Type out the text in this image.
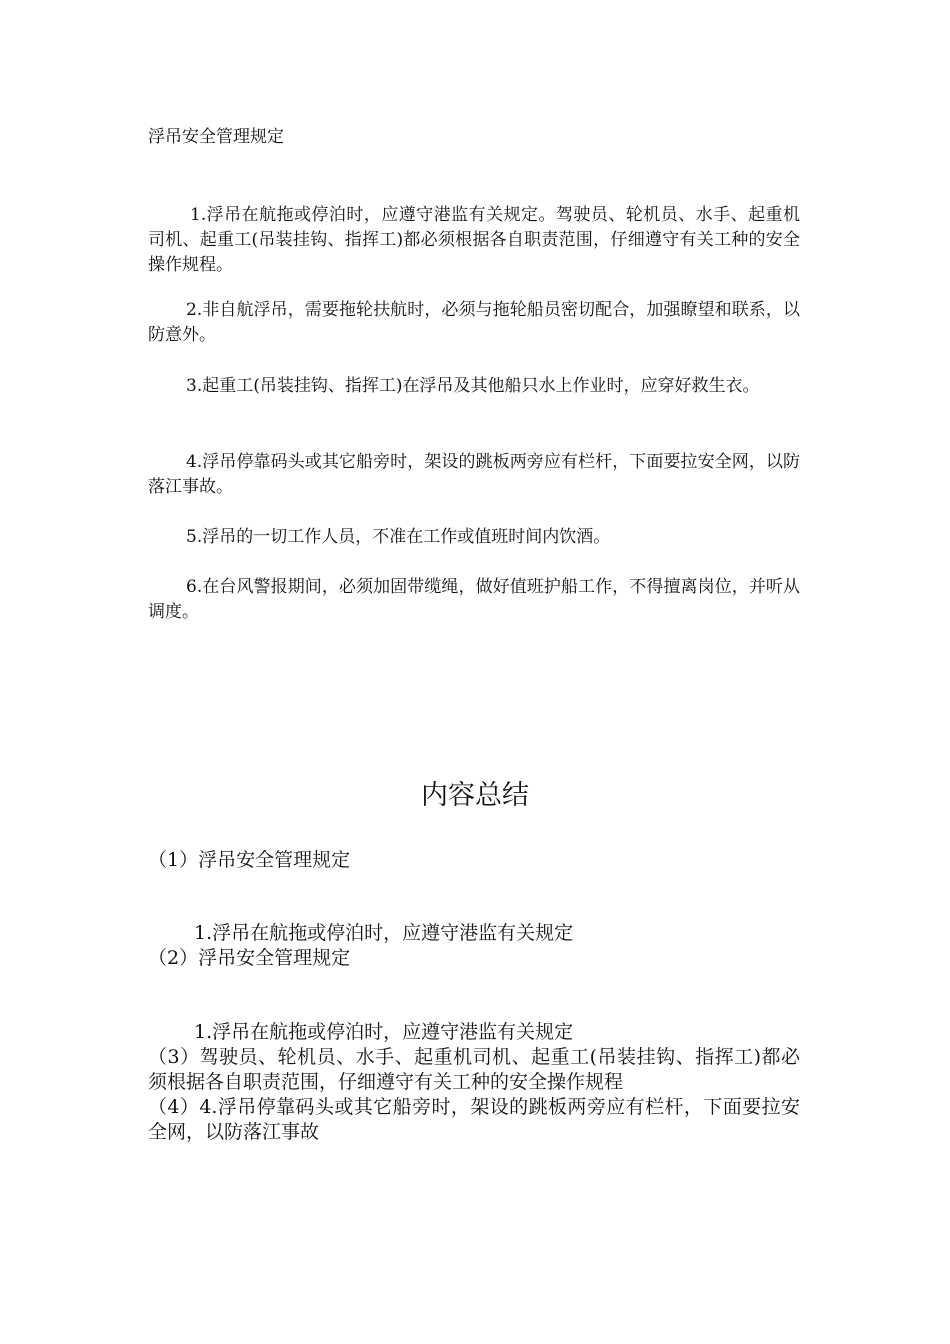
浮吊安全管理规定

1.浮吊在航拖或停泊时，应遵守港监有关规定。驾驶员、轮机员、水手、起重机司机、起重工(吊装挂钩、指挥工)都必须根据各自职责范围，仔细遵守有关工种的安全操作规程。

2.非自航浮吊，需要拖轮扶航时，必须与拖轮船员密切配合，加强瞭望和联系，以防意外。

3.起重工(吊装挂钩、指挥工)在浮吊及其他船只水上作业时，应穿好救生衣。

4.浮吊停靠码头或其它船旁时，架设的跳板两旁应有栏杆，下面要拉安全网，以防落江事故。

5.浮吊的一切工作人员，不准在工作或值班时间内饮酒。

6.在台风警报期间，必须加固带缆绳，做好值班护船工作，不得擅离岗位，并听从调度。

内容总结

（1）浮吊安全管理规定

1.浮吊在航拖或停泊时，应遵守港监有关规定

（2）浮吊安全管理规定

1.浮吊在航拖或停泊时，应遵守港监有关规定

（3）驾驶员、轮机员、水手、起重机司机、起重工(吊装挂钩、指挥工)都必须根据各自职责范围，仔细遵守有关工种的安全操作规程

（4）4.浮吊停靠码头或其它船旁时，架设的跳板两旁应有栏杆，下面要拉安全网，以防落江事故
